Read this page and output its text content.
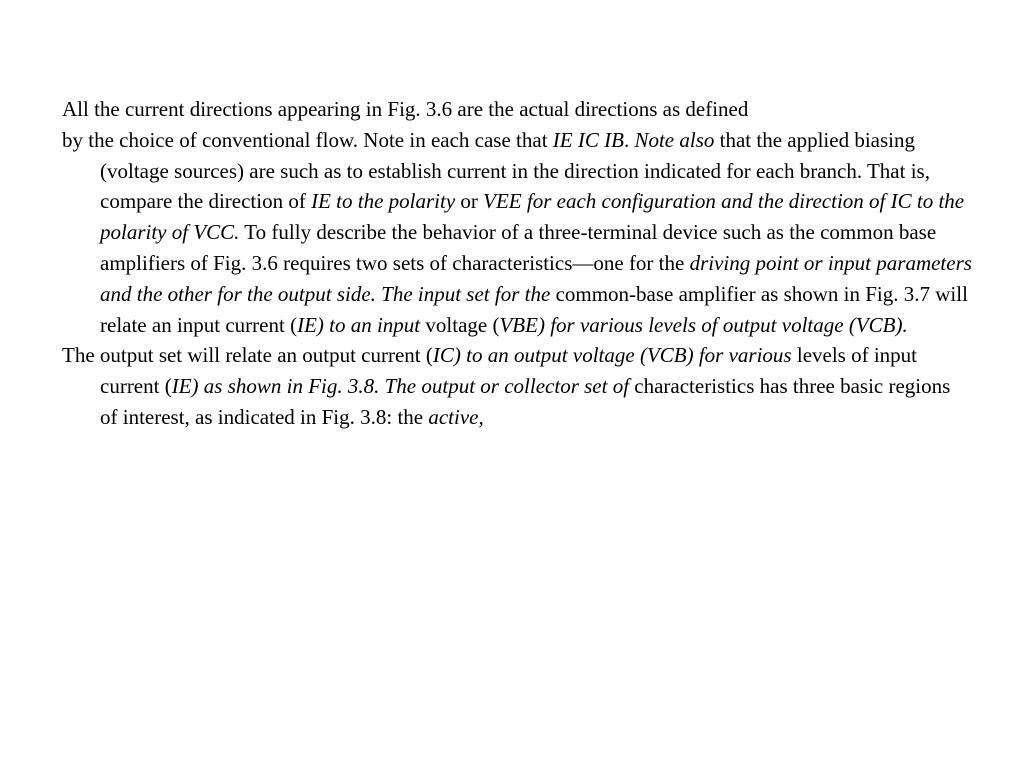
All the current directions appearing in Fig. 3.6 are the actual directions as defined

by the choice of conventional flow. Note in each case that IE IC IB. Note also that the applied biasing (voltage sources) are such as to establish current in the direction indicated for each branch. That is, compare the direction of IE to the polarity or VEE for each configuration and the direction of IC to the polarity of VCC. To fully describe the behavior of a three-terminal device such as the common base amplifiers of Fig. 3.6 requires two sets of characteristics—one for the driving point or input parameters and the other for the output side. The input set for the common-base amplifier as shown in Fig. 3.7 will relate an input current (IE) to an input voltage (VBE) for various levels of output voltage (VCB).

The output set will relate an output current (IC) to an output voltage (VCB) for various levels of input current (IE) as shown in Fig. 3.8. The output or collector set of characteristics has three basic regions of interest, as indicated in Fig. 3.8: the active,
